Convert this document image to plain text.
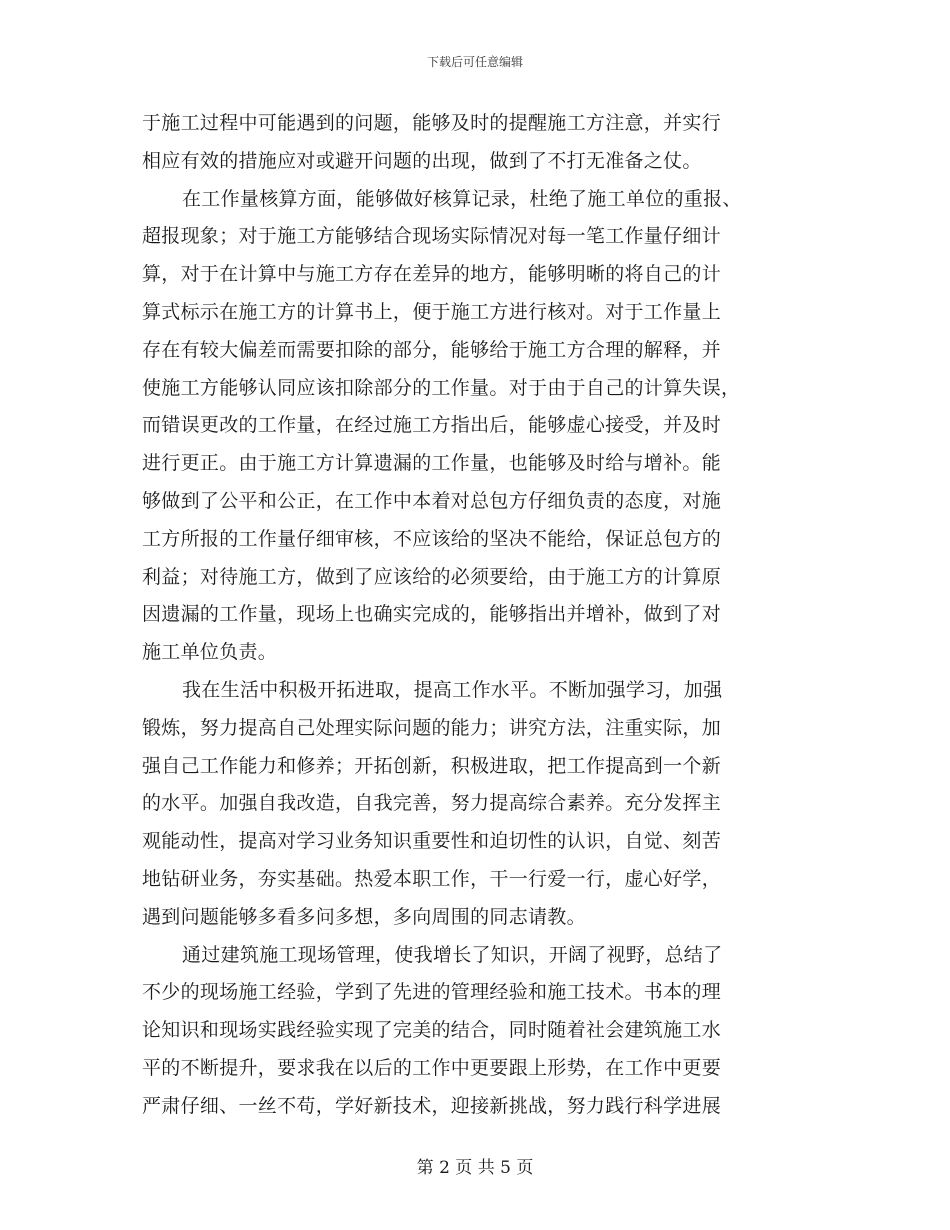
下载后可任意编辑
于施工过程中可能遇到的问题，能够及时的提醒施工方注意，并实行
相应有效的措施应对或避开问题的出现，做到了不打无准备之仗。
在工作量核算方面，能够做好核算记录，杜绝了施工单位的重报、
超报现象；对于施工方能够结合现场实际情况对每一笔工作量仔细计
算，对于在计算中与施工方存在差异的地方，能够明晰的将自己的计
算式标示在施工方的计算书上，便于施工方进行核对。对于工作量上
存在有较大偏差而需要扣除的部分，能够给于施工方合理的解释，并
使施工方能够认同应该扣除部分的工作量。对于由于自己的计算失误，
而错误更改的工作量，在经过施工方指出后，能够虚心接受，并及时
进行更正。由于施工方计算遗漏的工作量，也能够及时给与增补。能
够做到了公平和公正，在工作中本着对总包方仔细负责的态度，对施
工方所报的工作量仔细审核，不应该给的坚决不能给，保证总包方的
利益；对待施工方，做到了应该给的必须要给，由于施工方的计算原
因遗漏的工作量，现场上也确实完成的，能够指出并增补，做到了对
施工单位负责。
我在生活中积极开拓进取，提高工作水平。不断加强学习，加强
锻炼，努力提高自己处理实际问题的能力；讲究方法，注重实际，加
强自己工作能力和修养；开拓创新，积极进取，把工作提高到一个新
的水平。加强自我改造，自我完善，努力提高综合素养。充分发挥主
观能动性，提高对学习业务知识重要性和迫切性的认识，自觉、刻苦
地钻研业务，夯实基础。热爱本职工作，干一行爱一行，虚心好学，
遇到问题能够多看多问多想，多向周围的同志请教。
通过建筑施工现场管理，使我增长了知识，开阔了视野，总结了
不少的现场施工经验，学到了先进的管理经验和施工技术。书本的理
论知识和现场实践经验实现了完美的结合，同时随着社会建筑施工水
平的不断提升，要求我在以后的工作中更要跟上形势，在工作中更要
严肃仔细、一丝不苟，学好新技术，迎接新挑战，努力践行科学进展
第 2 页 共 5 页
